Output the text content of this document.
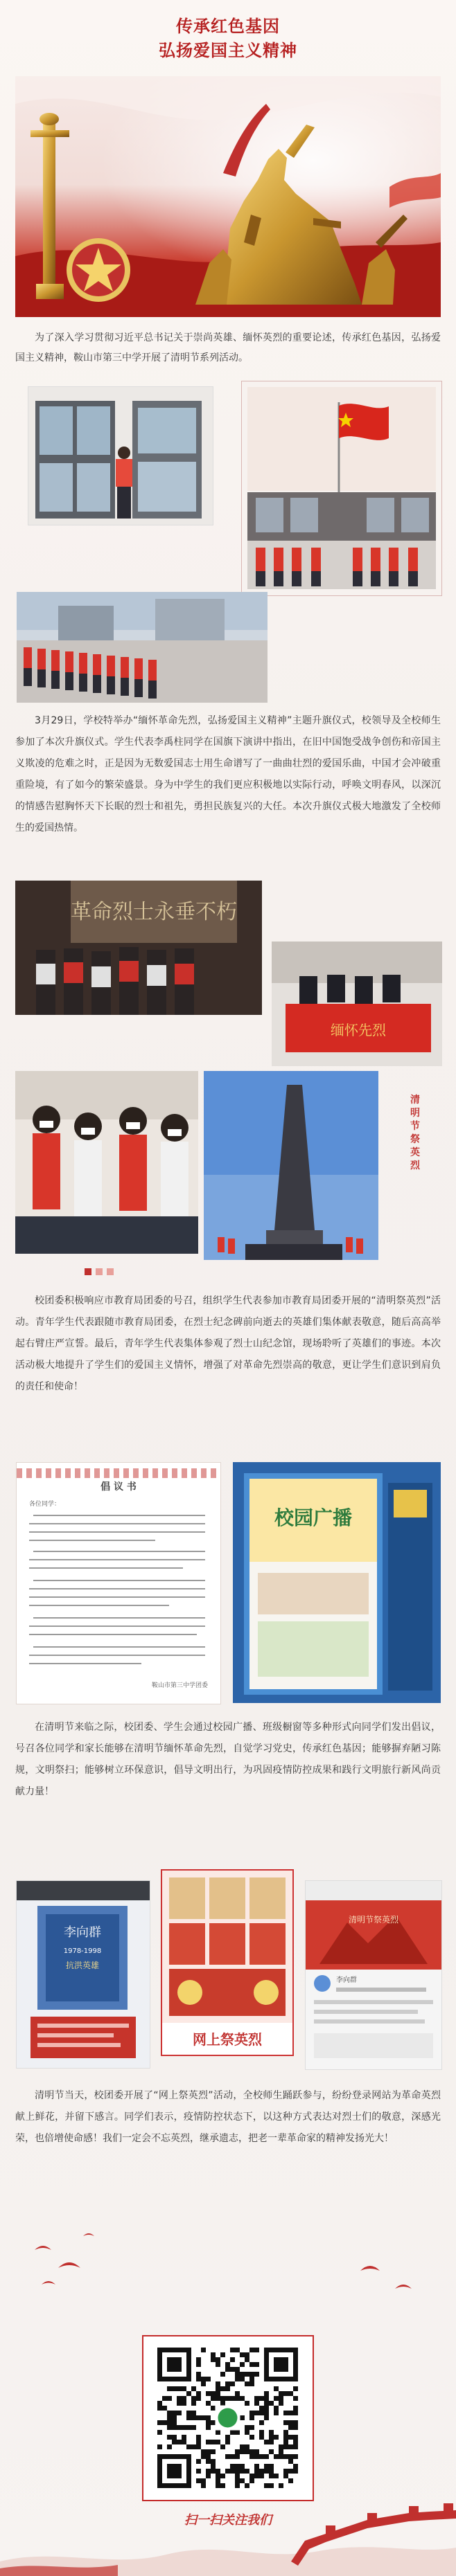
传承红色基因
弘扬爱国主义精神
为了深入学习贯彻习近平总书记关于崇尚英雄、缅怀英烈的重要论述，传承红色基因，弘扬爱国主义精神，鞍山市第三中学开展了清明节系列活动。
3月29日，学校特举办“缅怀革命先烈，弘扬爱国主义精神”主题升旗仪式，校领导及全校师生参加了本次升旗仪式。学生代表李禹柱同学在国旗下演讲中指出，在旧中国饱受战争创伤和帝国主义欺凌的危难之时，正是因为无数爱国志士用生命谱写了一曲曲壮烈的爱国乐曲，中国才会冲破重重险境，有了如今的繁荣盛景。身为中学生的我们更应积极地以实际行动，呼唤文明春风，以深沉的情感告慰胸怀天下长眠的烈士和祖先，勇担民族复兴的大任。本次升旗仪式极大地激发了全校师生的爱国热情。
革命烈士永垂不朽
缅怀先烈
清
明
节
祭
英
烈
校团委积极响应市教育局团委的号召，组织学生代表参加市教育局团委开展的“清明祭英烈”活动。青年学生代表跟随市教育局团委，在烈士纪念碑前向逝去的英雄们集体献表敬意，随后高高举起右臂庄严宣誓。最后，青年学生代表集体参观了烈士山纪念馆，现场聆听了英雄们的事迹。本次活动极大地提升了学生们的爱国主义情怀，增强了对革命先烈崇高的敬意，更让学生们意识到肩负的责任和使命！
倡 议 书
各位同学：
鞍山市第三中学团委
校园广播
在清明节来临之际，校团委、学生会通过校园广播、班级橱窗等多种形式向同学们发出倡议，号召各位同学和家长能够在清明节缅怀革命先烈，自觉学习党史，传承红色基因；能够摒弃陋习陈规，文明祭扫；能够树立环保意识，倡导文明出行，为巩固疫情防控成果和践行文明旅行新风尚贡献力量！
李向群
1978-1998
抗洪英雄
网上祭英烈
清明节祭英烈
李向群
清明节当天，校团委开展了“网上祭英烈”活动，全校师生踊跃参与，纷纷登录网站为革命英烈献上鲜花，并留下感言。同学们表示，疫情防控状态下，以这种方式表达对烈士们的敬意，深感光荣，也倍增使命感！我们一定会不忘英烈，继承遗志，把老一辈革命家的精神发扬光大！
扫一扫关注我们
